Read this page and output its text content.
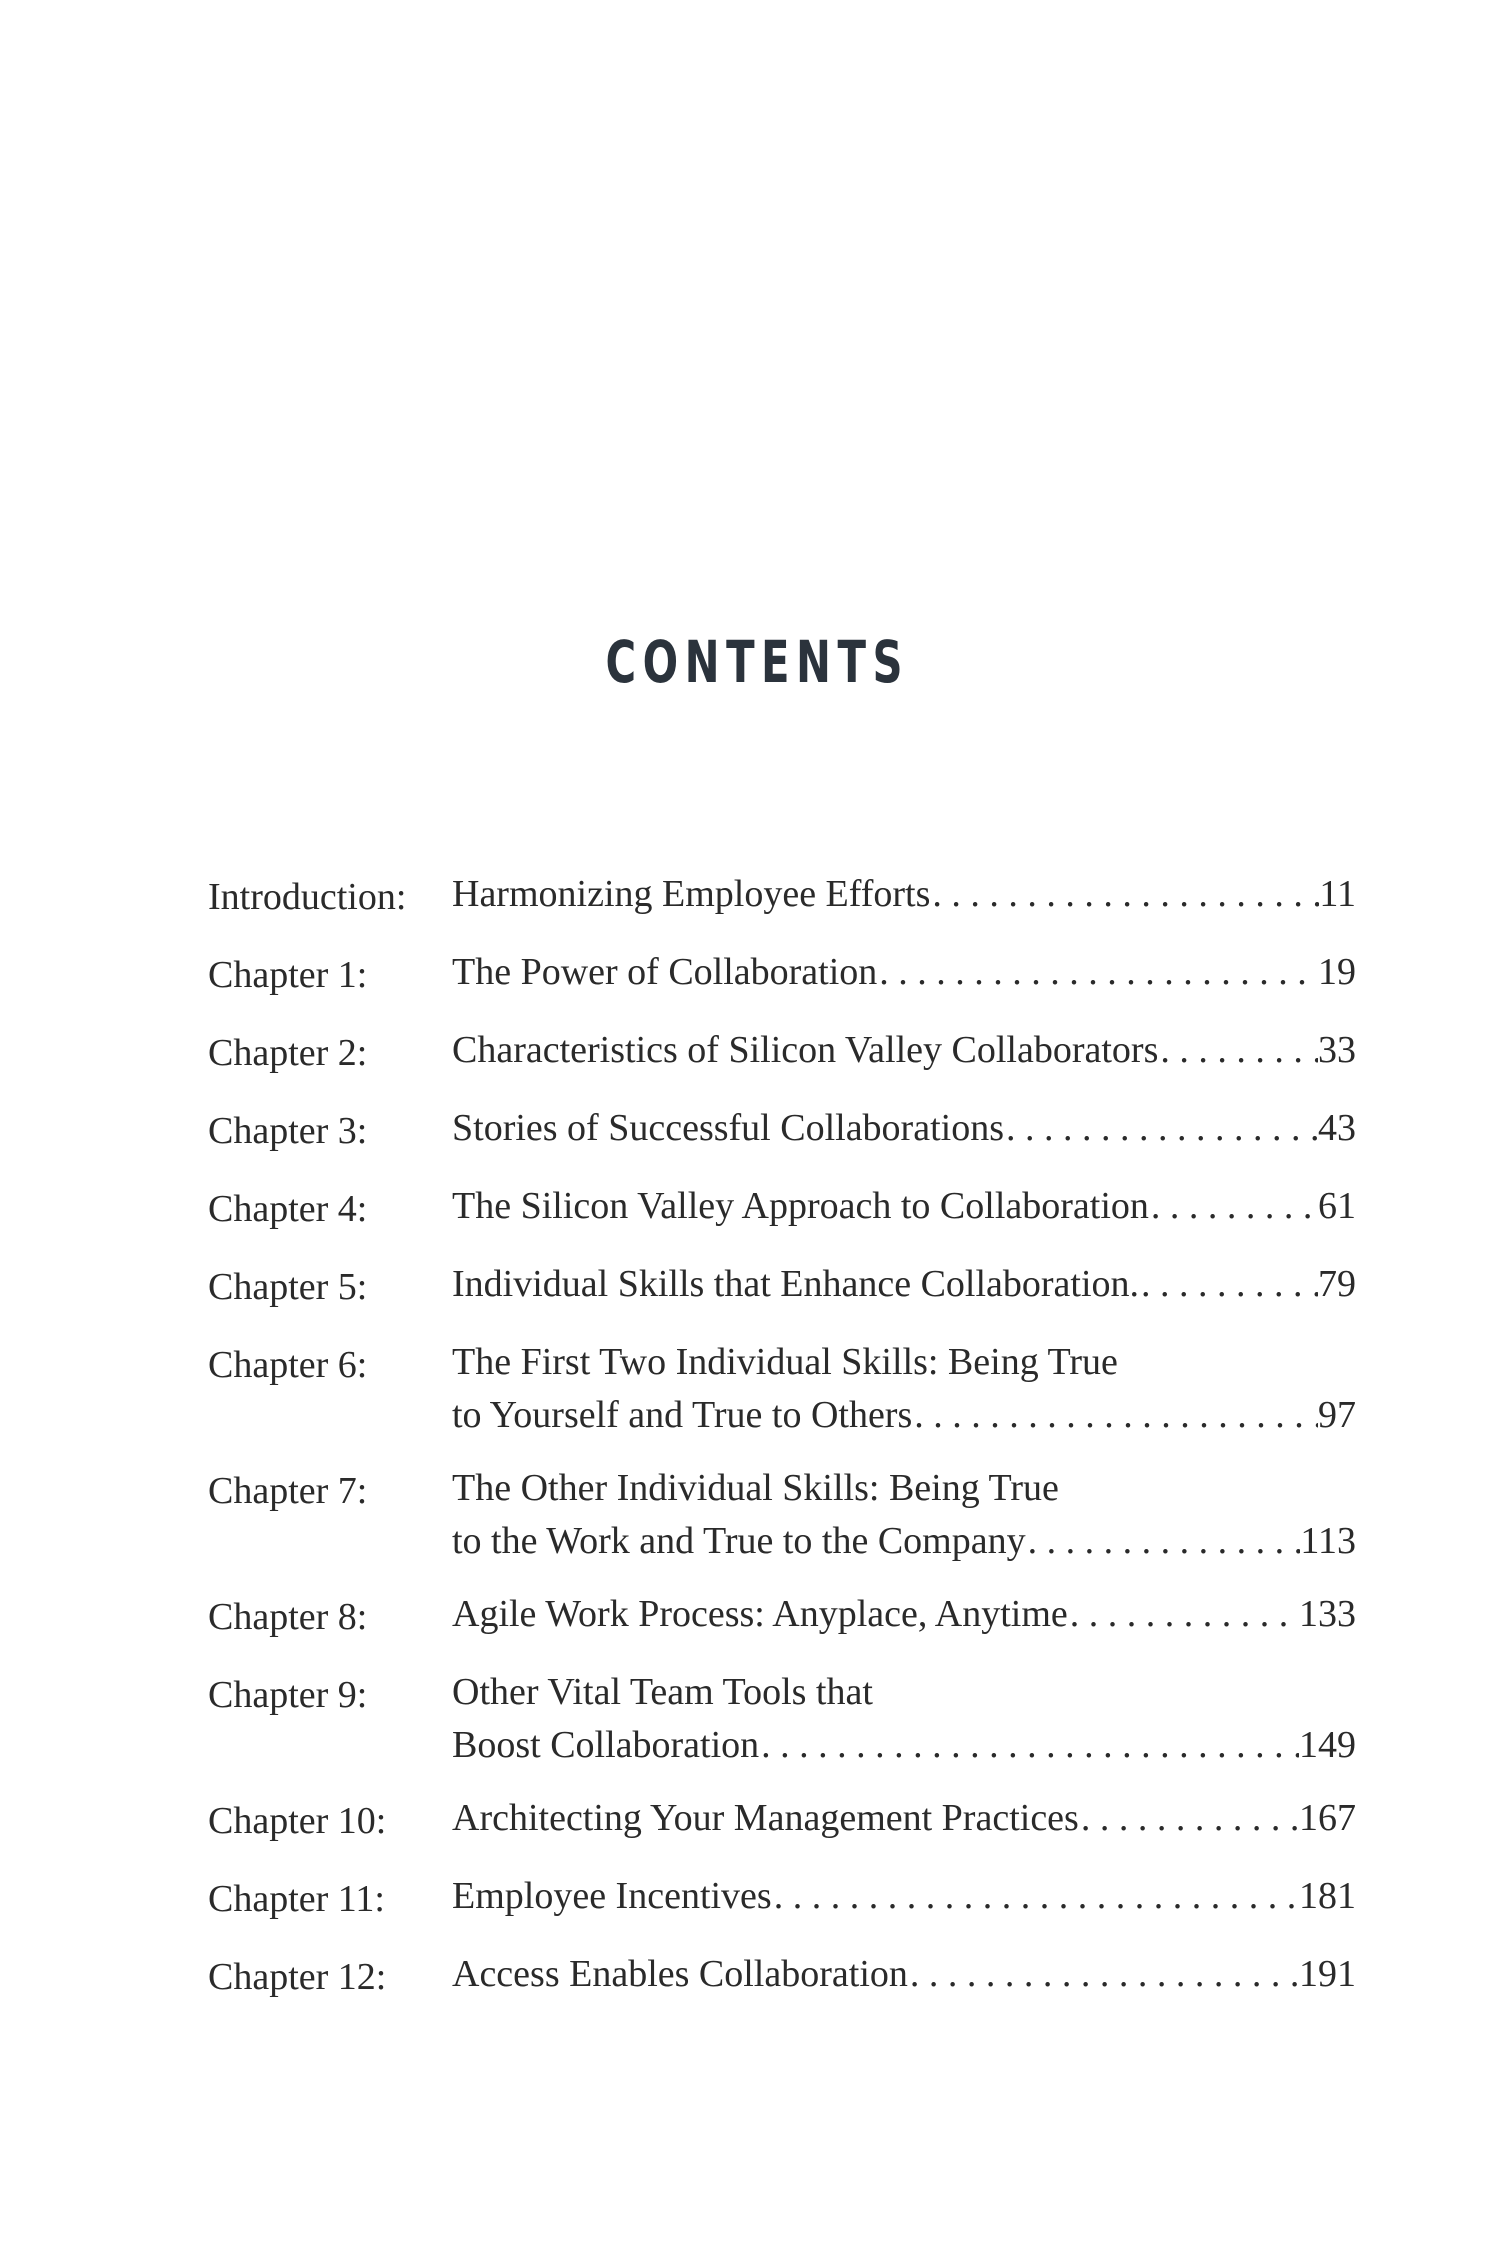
CONTENTS
Introduction:	Harmonizing Employee Efforts . . .	11
Chapter 1:	The Power of Collaboration . . .	19
Chapter 2:	Characteristics of Silicon Valley Collaborators . . .	33
Chapter 3:	Stories of Successful Collaborations . . .	43
Chapter 4:	The Silicon Valley Approach to Collaboration . . .	61
Chapter 5:	Individual Skills that Enhance Collaboration. . . .	79
Chapter 6:	The First Two Individual Skills: Being True
to Yourself and True to Others . . .	97
Chapter 7:	The Other Individual Skills: Being True
to the Work and True to the Company . . .	113
Chapter 8:	Agile Work Process: Anyplace, Anytime . . .	133
Chapter 9:	Other Vital Team Tools that
Boost Collaboration . . .	149
Chapter 10:	Architecting Your Management Practices . . .	167
Chapter 11:	Employee Incentives . . .	181
Chapter 12:	Access Enables Collaboration . . .	191
